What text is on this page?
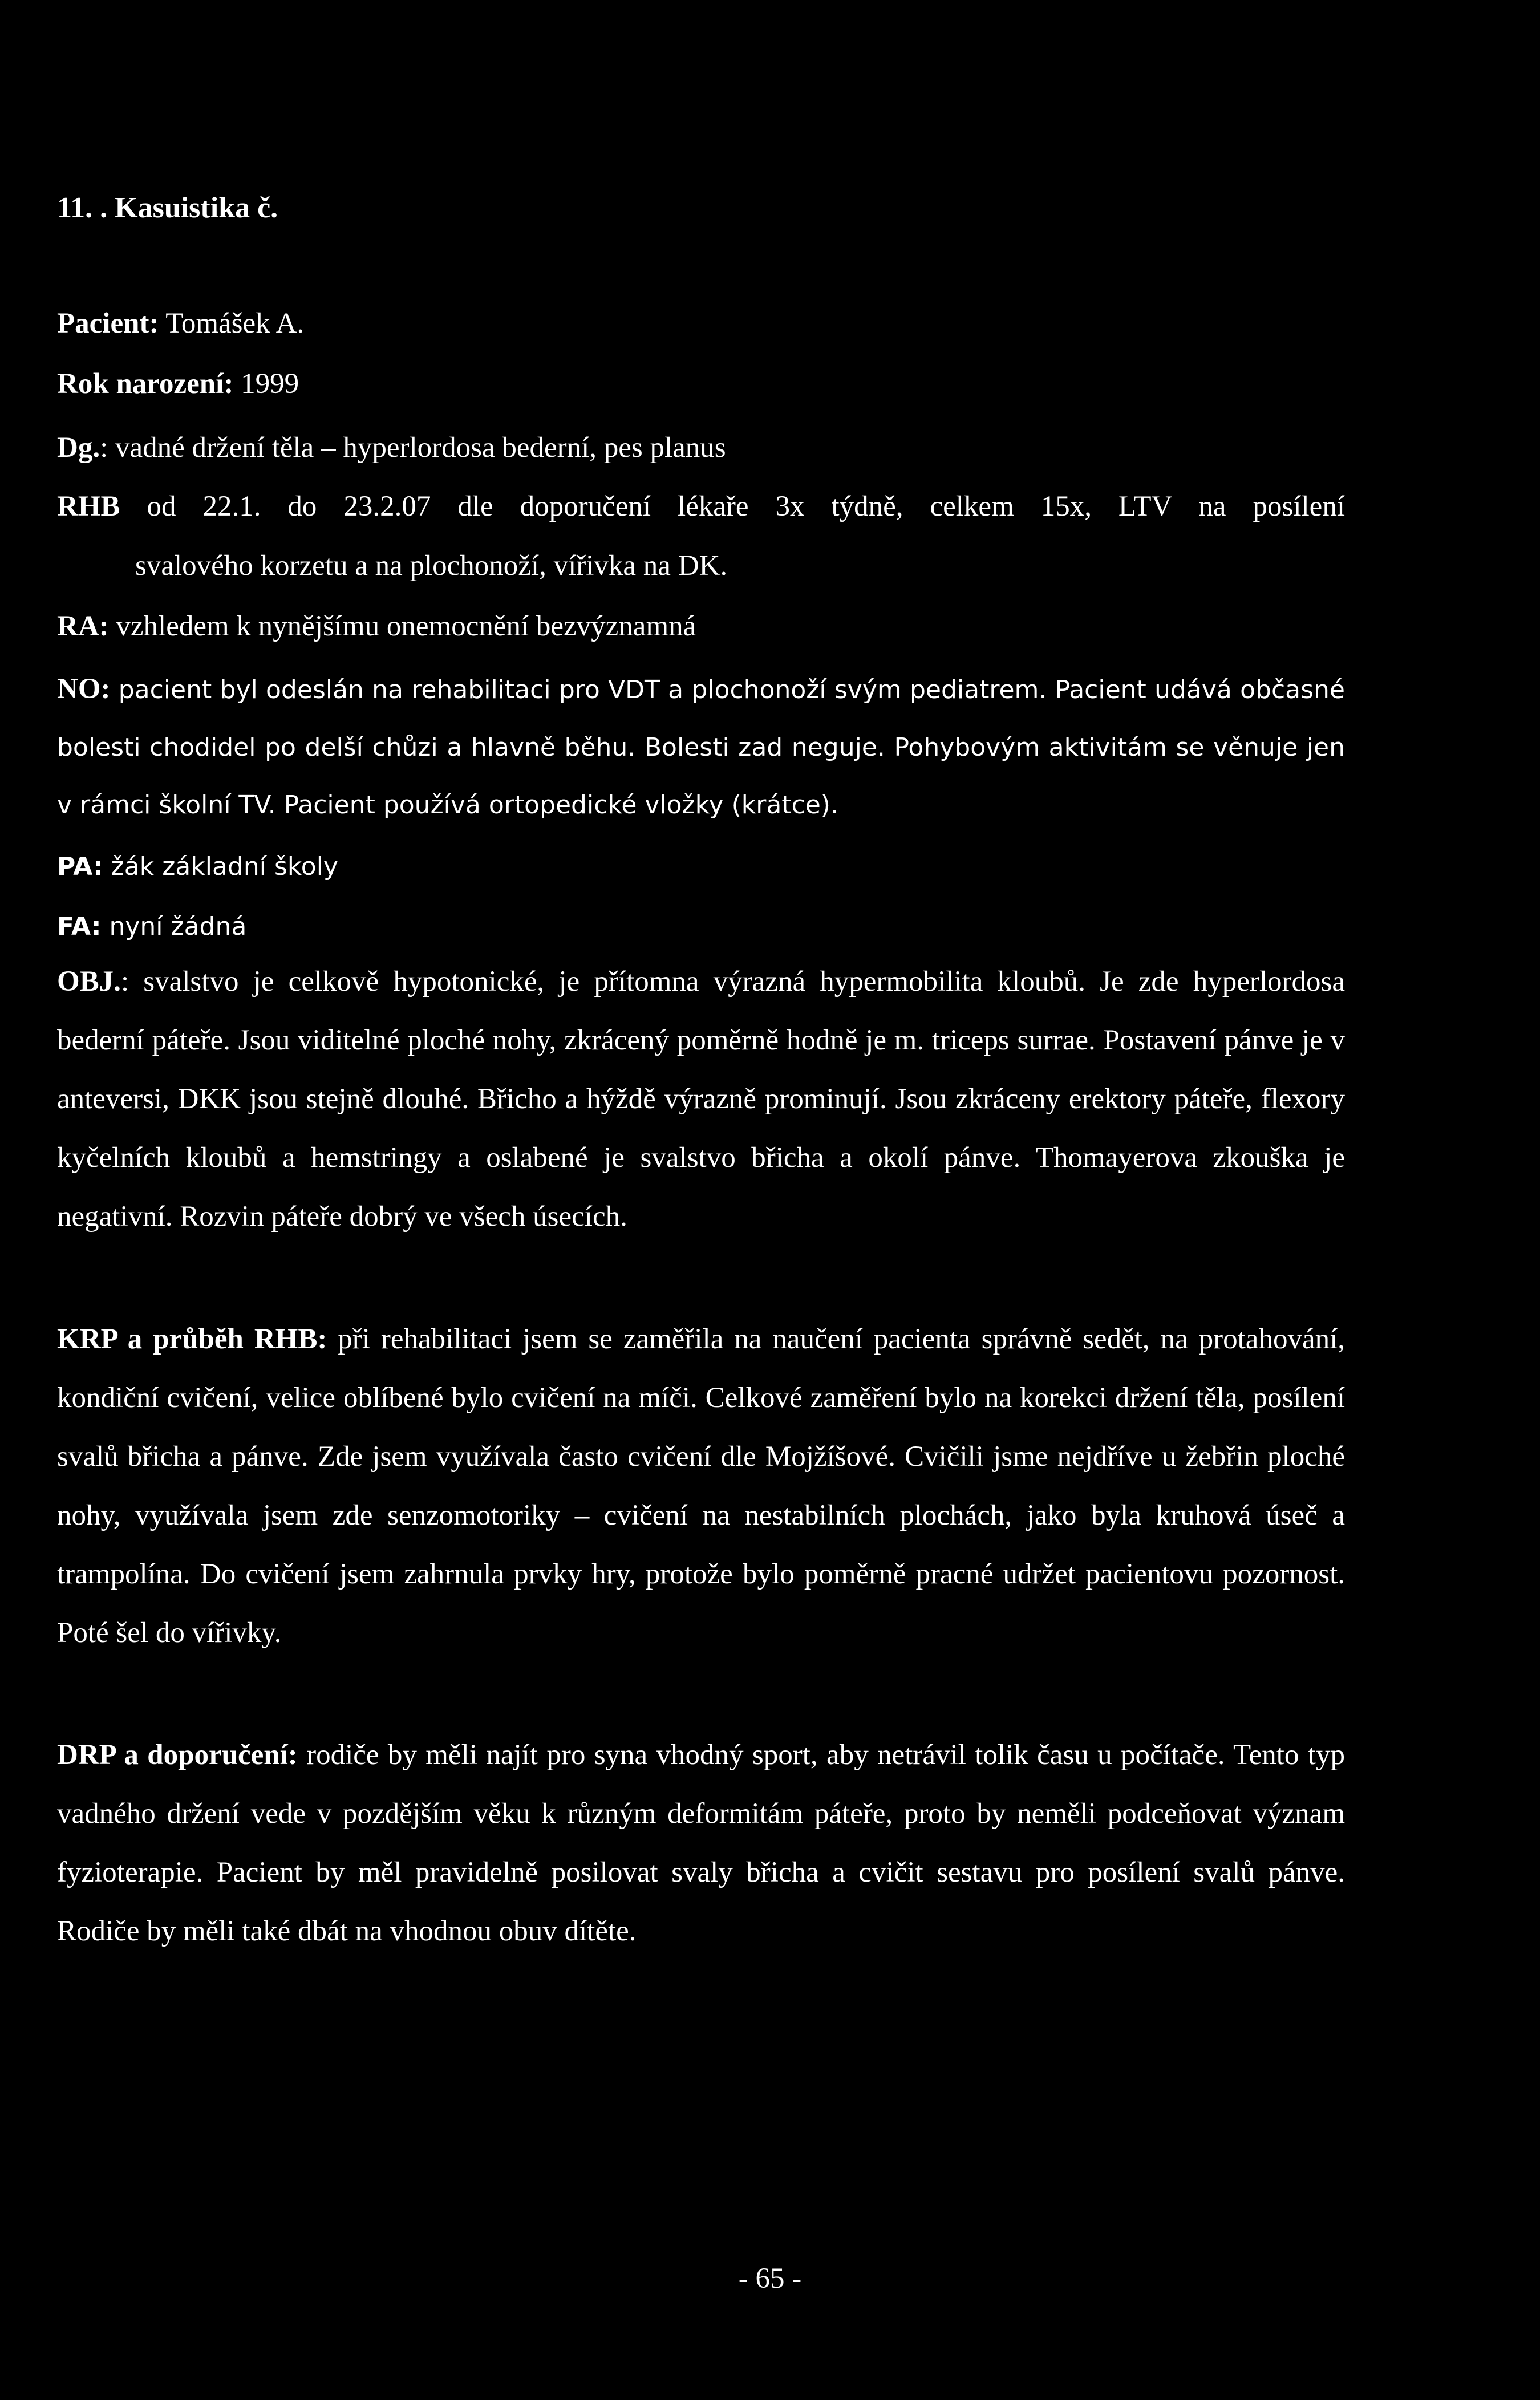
11. . Kasuistika č.

Pacient: Tomášek A.

Rok narození: 1999

Dg.: vadné držení těla – hyperlordosa bederní, pes planus

RHB od 22.1. do 23.2.07 dle doporučení lékaře 3x týdně, celkem 15x, LTV na posílení

svalového korzetu a na plochonoží, vířivka na DK.

RA: vzhledem k nynějšímu onemocnění bezvýznamná

NO: pacient byl odeslán na rehabilitaci pro VDT a plochonoží svým pediatrem. Pacient udává občasné bolesti chodidel po delší chůzi a hlavně běhu. Bolesti zad neguje. Pohybovým aktivitám se věnuje jen v rámci školní TV. Pacient používá ortopedické vložky (krátce).

PA: žák základní školy

FA: nyní žádná

OBJ.: svalstvo je celkově hypotonické, je přítomna výrazná hypermobilita kloubů. Je zde hyperlordosa bederní páteře. Jsou viditelné ploché nohy, zkrácený poměrně hodně je m. triceps surrae. Postavení pánve je v anteversi, DKK jsou stejně dlouhé. Břicho a hýždě výrazně prominují. Jsou zkráceny erektory páteře, flexory kyčelních kloubů a hemstringy a oslabené je svalstvo břicha a okolí pánve. Thomayerova zkouška je negativní. Rozvin páteře dobrý ve všech úsecích.

KRP a průběh RHB: při rehabilitaci jsem se zaměřila na naučení pacienta správně sedět, na protahování, kondiční cvičení, velice oblíbené bylo cvičení na míči. Celkové zaměření bylo na korekci držení těla, posílení svalů břicha a pánve. Zde jsem využívala často cvičení dle Mojžíšové. Cvičili jsme nejdříve u žebřin ploché nohy, využívala jsem zde senzomotoriky – cvičení na nestabilních plochách, jako byla kruhová úseč a trampolína. Do cvičení jsem zahrnula prvky hry, protože bylo poměrně pracné udržet pacientovu pozornost. Poté šel do vířivky.

DRP a doporučení: rodiče by měli najít pro syna vhodný sport, aby netrávil tolik času u počítače. Tento typ vadného držení vede v pozdějším věku k různým deformitám páteře, proto by neměli podceňovat význam fyzioterapie. Pacient by měl pravidelně posilovat svaly břicha a cvičit sestavu pro posílení svalů pánve. Rodiče by měli také dbát na vhodnou obuv dítěte.

- 65 -
